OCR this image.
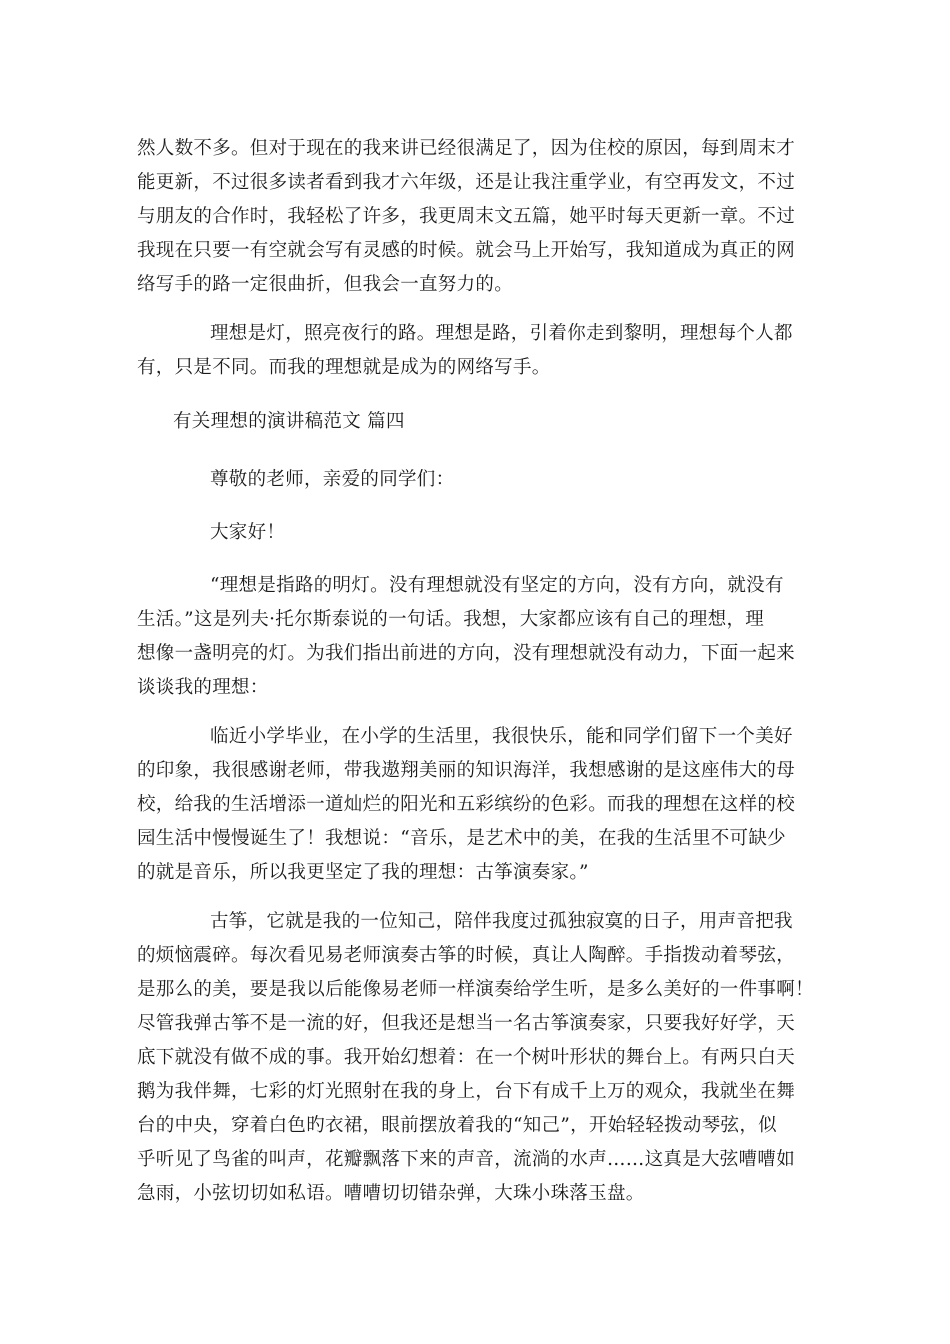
然人数不多。但对于现在的我来讲已经很满足了，因为住校的原因，每到周末才
能更新，不过很多读者看到我才六年级，还是让我注重学业，有空再发文，不过
与朋友的合作时，我轻松了许多，我更周末文五篇，她平时每天更新一章。不过
我现在只要一有空就会写有灵感的时候。就会马上开始写，我知道成为真正的网
络写手的路一定很曲折，但我会一直努力的。
理想是灯，照亮夜行的路。理想是路，引着你走到黎明，理想每个人都
有，只是不同。而我的理想就是成为的网络写手。
有关理想的演讲稿范文 篇四
尊敬的老师，亲爱的同学们：
大家好！
“理想是指路的明灯。没有理想就没有坚定的方向，没有方向，就没有
生活。”这是列夫·托尔斯泰说的一句话。我想，大家都应该有自己的理想，理
想像一盏明亮的灯。为我们指出前进的方向，没有理想就没有动力，下面一起来
谈谈我的理想：
临近小学毕业，在小学的生活里，我很快乐，能和同学们留下一个美好
的印象，我很感谢老师，带我遨翔美丽的知识海洋，我想感谢的是这座伟大的母
校，给我的生活增添一道灿烂的阳光和五彩缤纷的色彩。而我的理想在这样的校
园生活中慢慢诞生了！我想说：“音乐，是艺术中的美，在我的生活里不可缺少
的就是音乐，所以我更坚定了我的理想：古筝演奏家。”
古筝，它就是我的一位知己，陪伴我度过孤独寂寞的日子，用声音把我
的烦恼震碎。每次看见易老师演奏古筝的时候，真让人陶醉。手指拨动着琴弦，
是那么的美，要是我以后能像易老师一样演奏给学生听，是多么美好的一件事啊！
尽管我弹古筝不是一流的好，但我还是想当一名古筝演奏家，只要我好好学，天
底下就没有做不成的事。我开始幻想着：在一个树叶形状的舞台上。有两只白天
鹅为我伴舞，七彩的灯光照射在我的身上，台下有成千上万的观众，我就坐在舞
台的中央，穿着白色旳衣裙，眼前摆放着我的“知己”，开始轻轻拨动琴弦，似
乎听见了鸟雀的叫声，花瓣飘落下来的声音，流淌的水声……这真是大弦嘈嘈如
急雨，小弦切切如私语。嘈嘈切切错杂弹，大珠小珠落玉盘。
